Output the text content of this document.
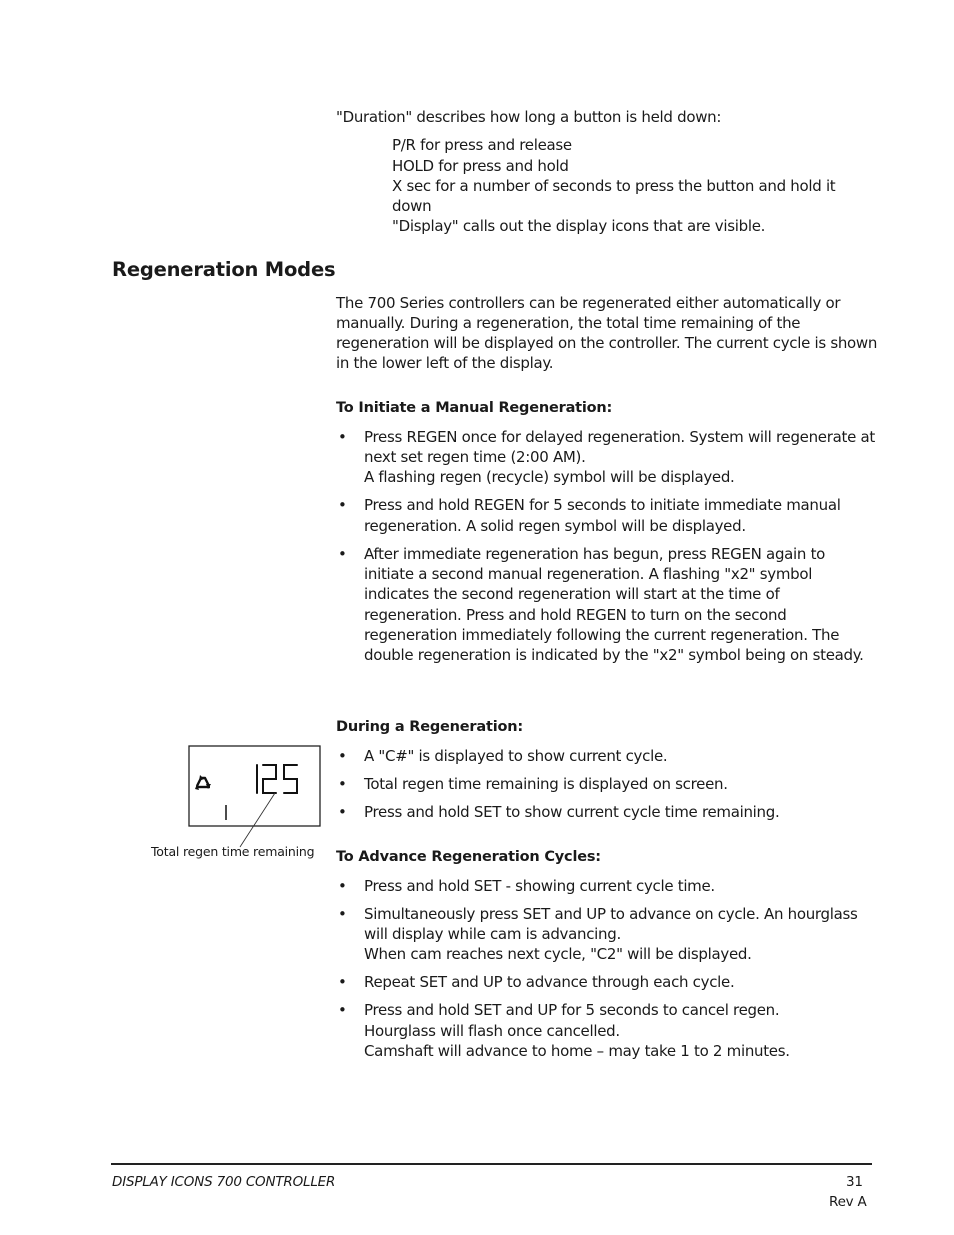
"Duration" describes how long a button is held down:
P/R for press and release
HOLD for press and hold
X sec for a number of seconds to press the button and hold it
down
"Display" calls out the display icons that are visible.
Regeneration Modes
The 700 Series controllers can be regenerated either automatically or
manually. During a regeneration, the total time remaining of the
regeneration will be displayed on the controller. The current cycle is shown
in the lower left of the display.
To Initiate a Manual Regeneration:
• Press REGEN once for delayed regeneration. System will regenerate at
next set regen time (2:00 AM).
A flashing regen (recycle) symbol will be displayed.
• Press and hold REGEN for 5 seconds to initiate immediate manual
regeneration. A solid regen symbol will be displayed.
• After immediate regeneration has begun, press REGEN again to
initiate a second manual regeneration. A flashing "x2" symbol
indicates the second regeneration will start at the time of
regeneration. Press and hold REGEN to turn on the second
regeneration immediately following the current regeneration. The
double regeneration is indicated by the "x2" symbol being on steady.
During a Regeneration:
• A "C#" is displayed to show current cycle.
• Total regen time remaining is displayed on screen.
• Press and hold SET to show current cycle time remaining.
Total regen time remaining To Advance Regeneration Cycles:
• Press and hold SET - showing current cycle time.
• Simultaneously press SET and UP to advance on cycle. An hourglass
will display while cam is advancing.
When cam reaches next cycle, "C2" will be displayed.
• Repeat SET and UP to advance through each cycle.
• Press and hold SET and UP for 5 seconds to cancel regen.
Hourglass will flash once cancelled.
Camshaft will advance to home – may take 1 to 2 minutes.
DISPLAY ICONS 700 CONTROLLER	31
Rev A
